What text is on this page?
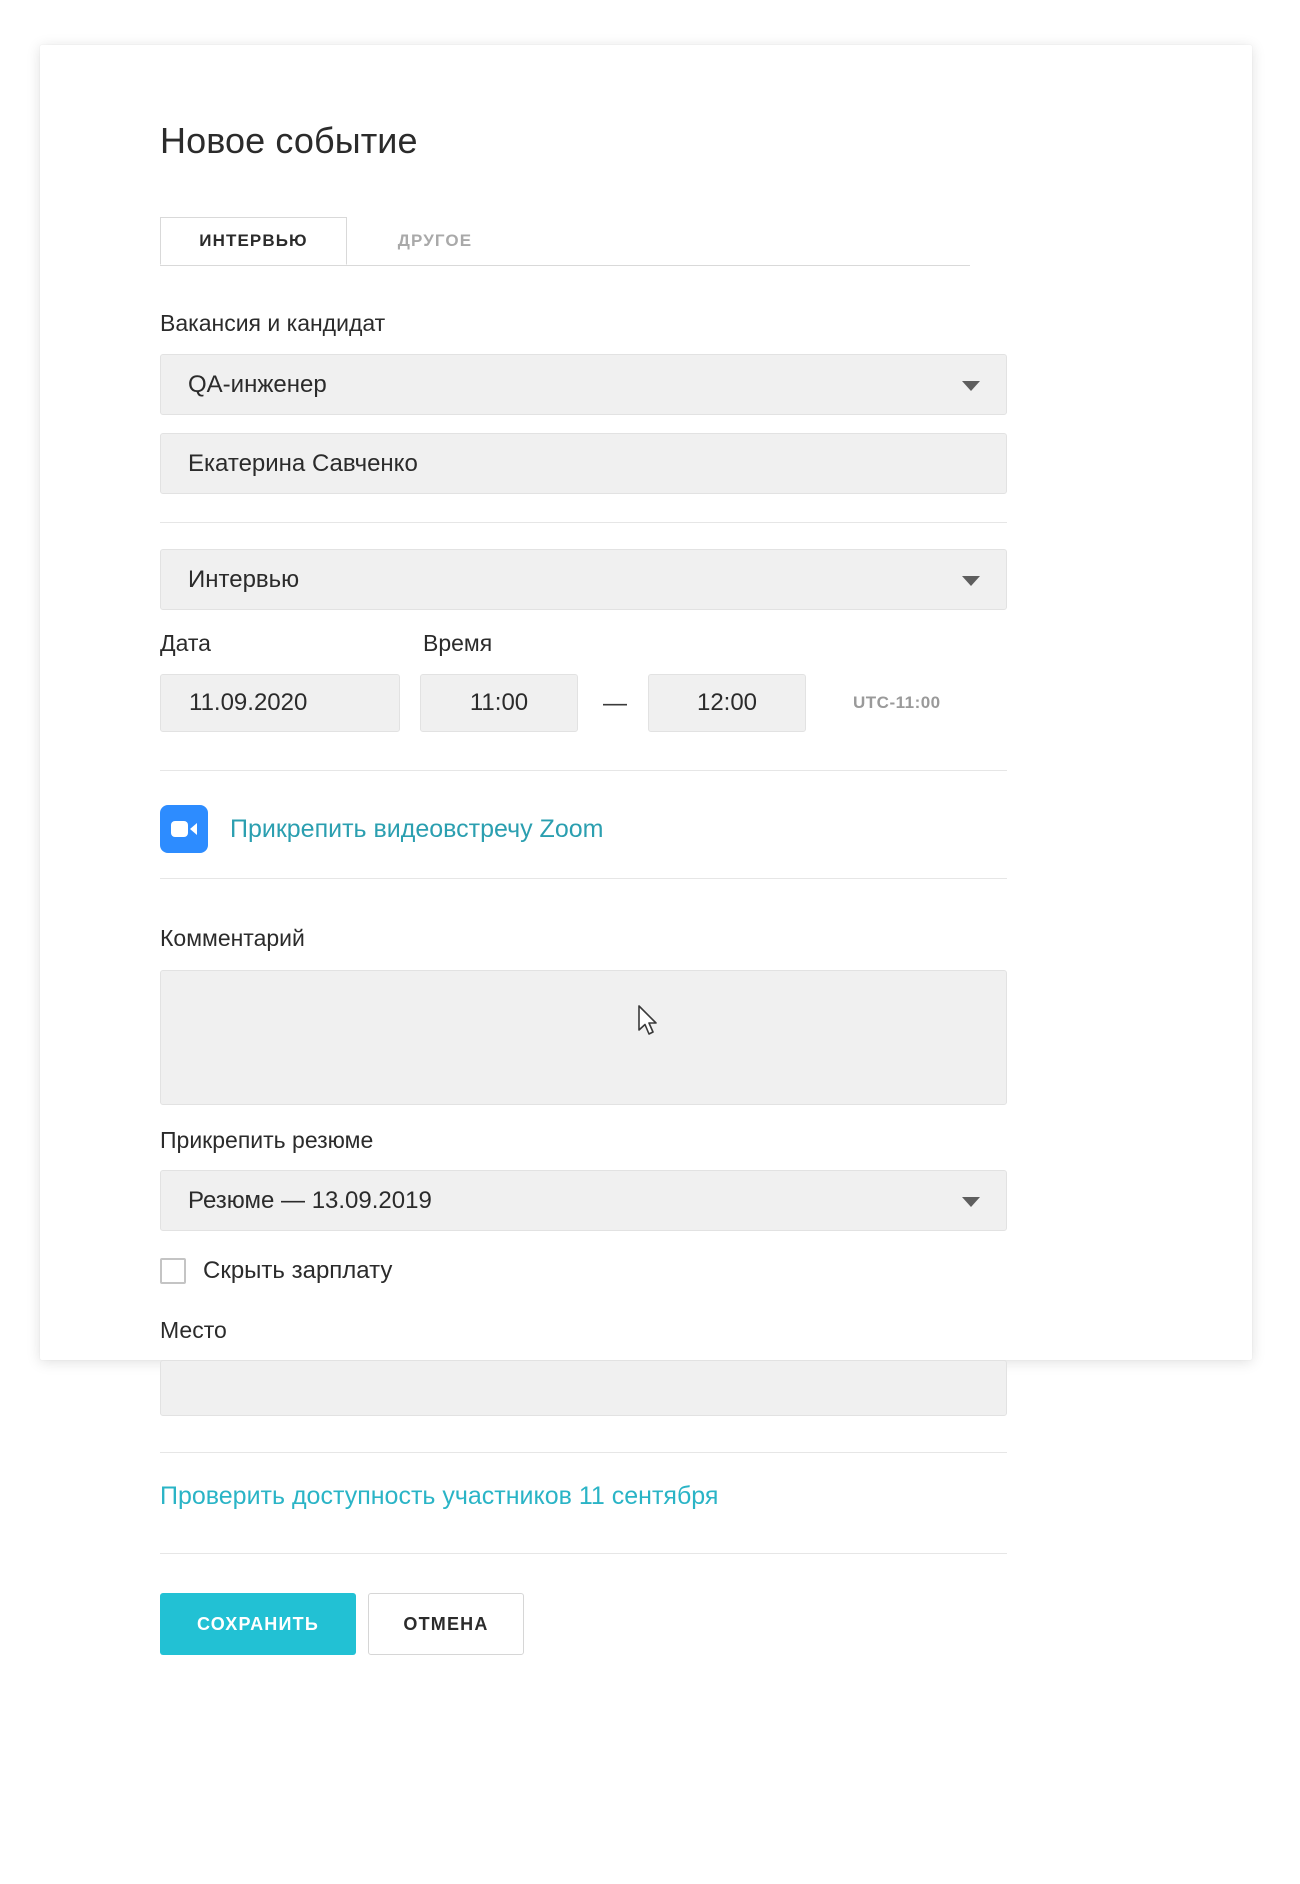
Новое событие
ИНТЕРВЬЮ	ДРУГОЕ
Вакансия и кандидат
QA-инженер
Екатерина Савченко
Интервью
Дата	Время
11.09.2020	11:00	—	12:00	UTC-11:00
Прикрепить видеовстречу Zoom
Комментарий
Прикрепить резюме
Резюме — 13.09.2019
Скрыть зарплату
Место
Проверить доступность участников 11 сентября
СОХРАНИТЬ	ОТМЕНА
